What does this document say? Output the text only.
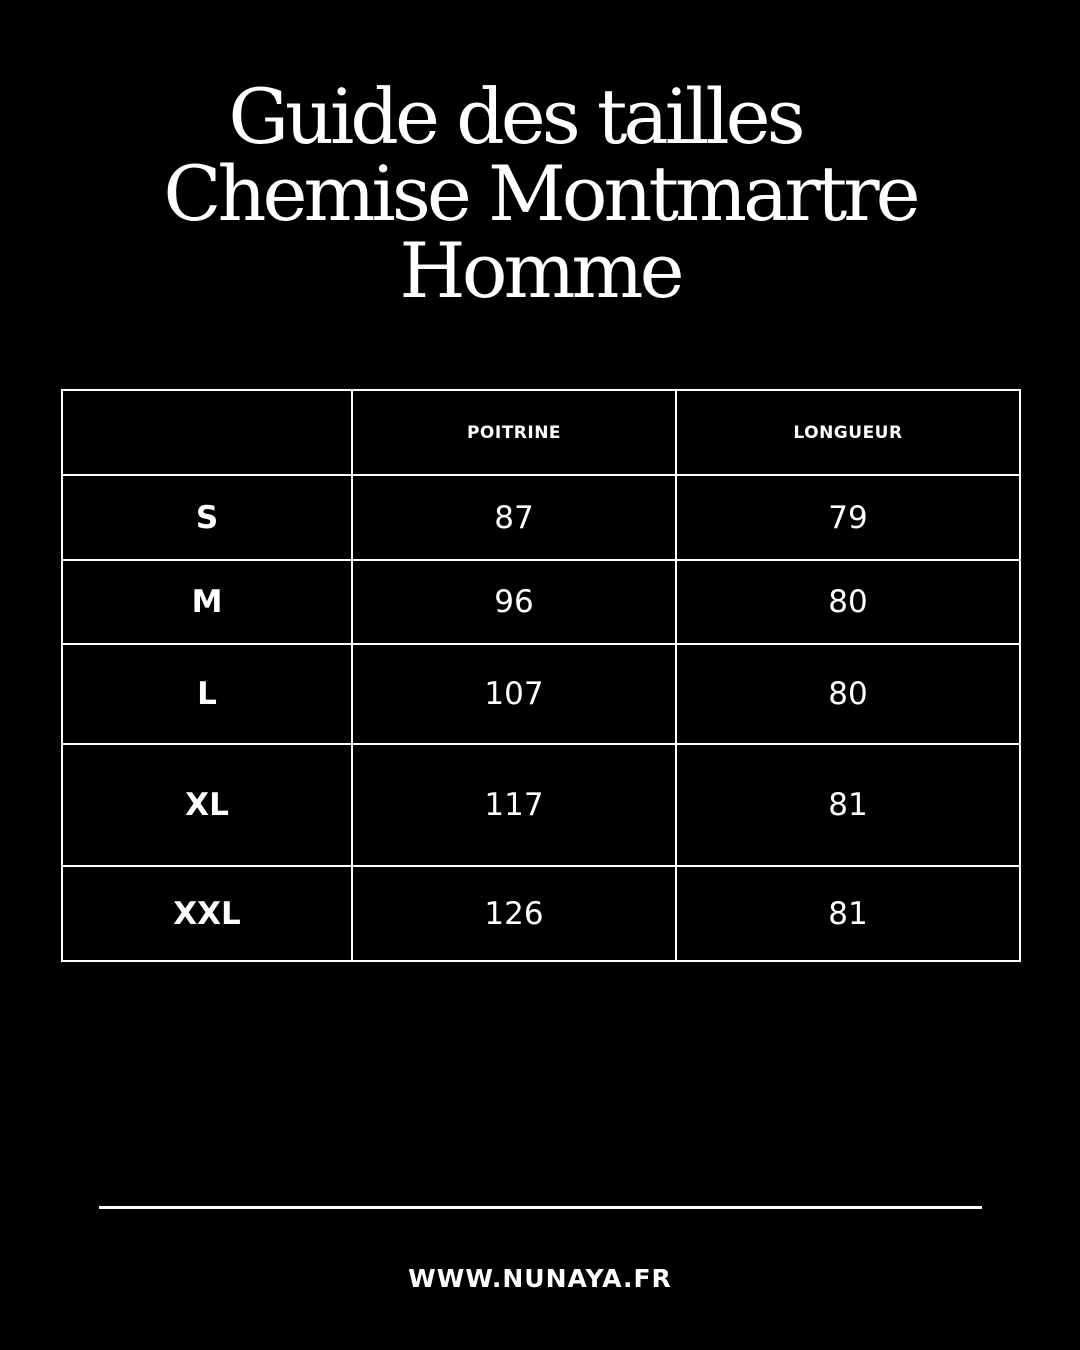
Guide des tailles
Chemise Montmartre
Homme
	POITRINE	LONGUEUR
S	87	79
M	96	80
L	107	80
XL	117	81
XXL	126	81
WWW.NUNAYA.FR
